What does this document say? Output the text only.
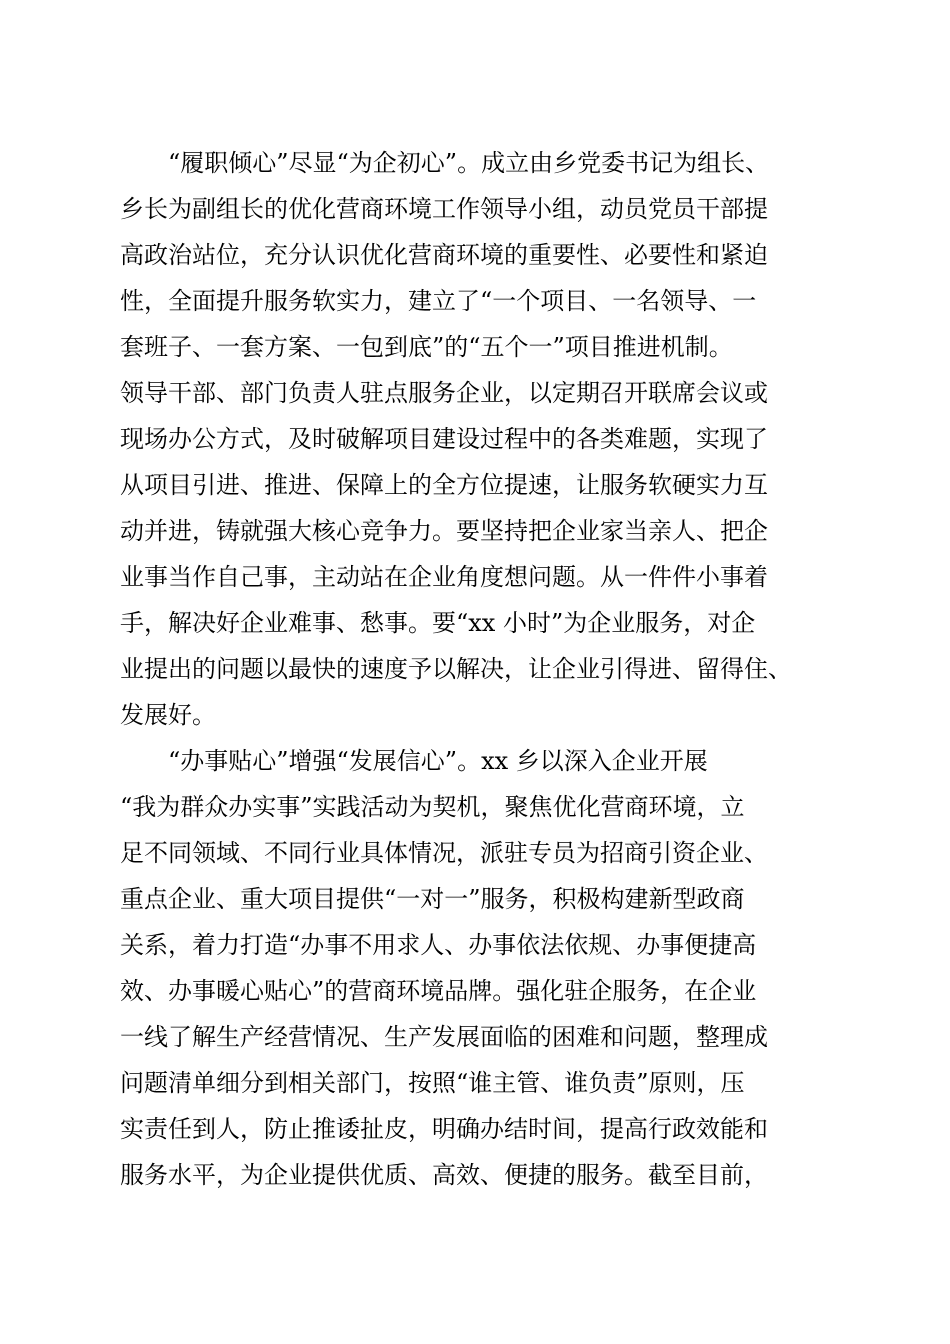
“履职倾心”尽显“为企初心”。成立由乡党委书记为组长、
乡长为副组长的优化营商环境工作领导小组，动员党员干部提
高政治站位，充分认识优化营商环境的重要性、必要性和紧迫
性，全面提升服务软实力，建立了“一个项目、一名领导、一
套班子、一套方案、一包到底”的“五个一”项目推进机制。
领导干部、部门负责人驻点服务企业，以定期召开联席会议或
现场办公方式，及时破解项目建设过程中的各类难题，实现了
从项目引进、推进、保障上的全方位提速，让服务软硬实力互
动并进，铸就强大核心竞争力。要坚持把企业家当亲人、把企
业事当作自己事，主动站在企业角度想问题。从一件件小事着
手，解决好企业难事、愁事。要“xx 小时”为企业服务，对企
业提出的问题以最快的速度予以解决，让企业引得进、留得住、
发展好。
“办事贴心”增强“发展信心”。xx 乡以深入企业开展
“我为群众办实事”实践活动为契机，聚焦优化营商环境，立
足不同领域、不同行业具体情况，派驻专员为招商引资企业、
重点企业、重大项目提供“一对一”服务，积极构建新型政商
关系，着力打造“办事不用求人、办事依法依规、办事便捷高
效、办事暖心贴心”的营商环境品牌。强化驻企服务，在企业
一线了解生产经营情况、生产发展面临的困难和问题，整理成
问题清单细分到相关部门，按照“谁主管、谁负责”原则，压
实责任到人，防止推诿扯皮，明确办结时间，提高行政效能和
服务水平，为企业提供优质、高效、便捷的服务。截至目前，
